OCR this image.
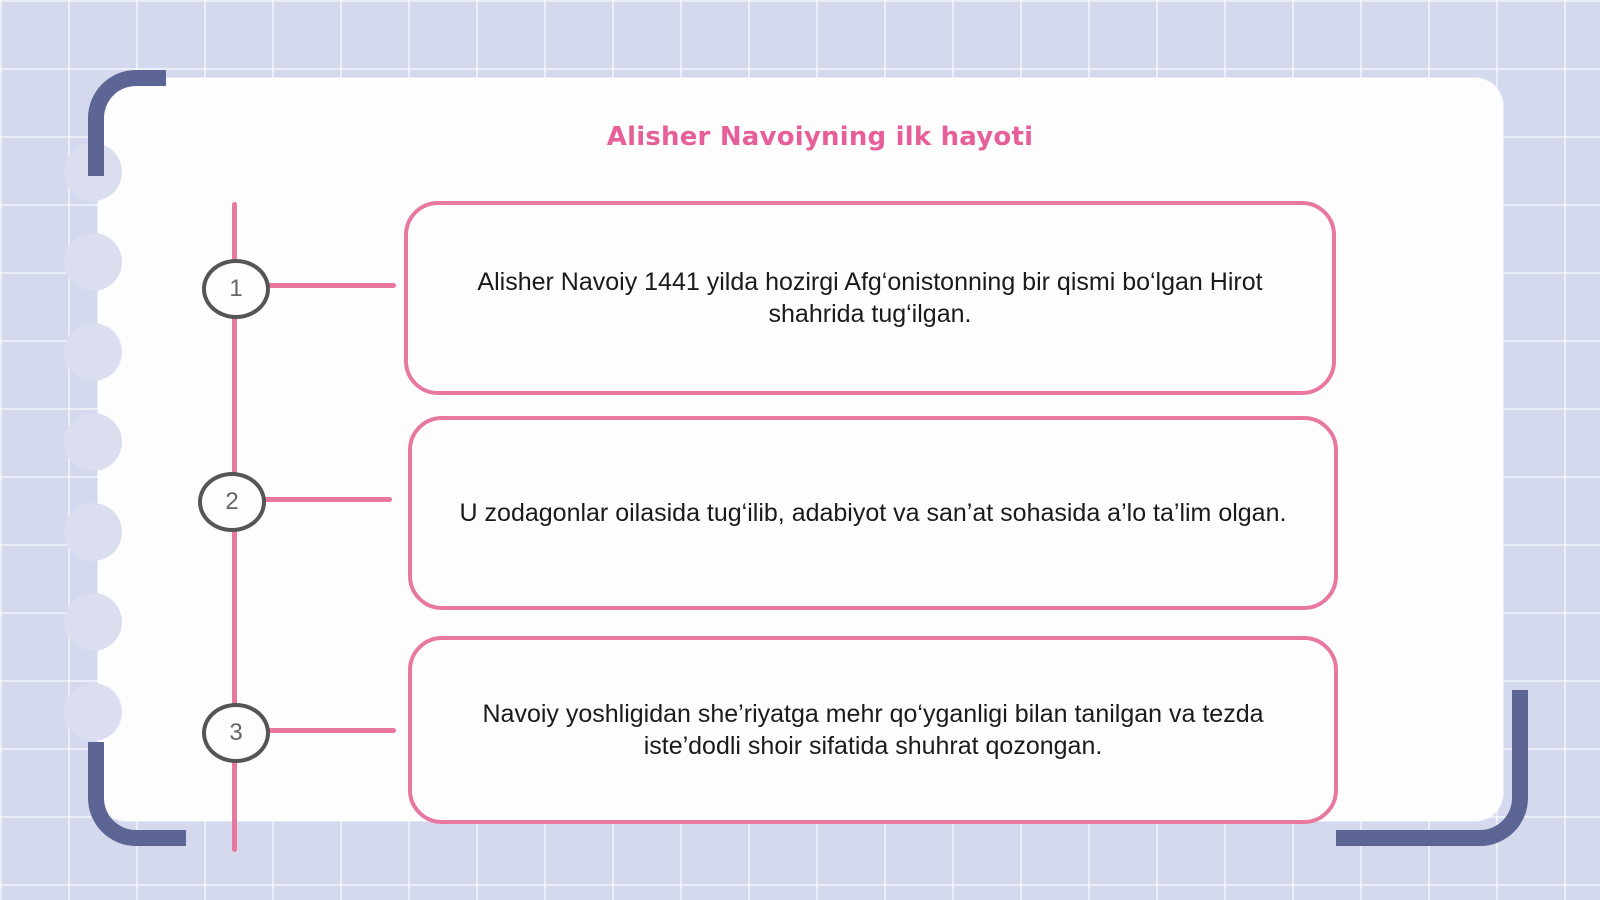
Alisher Navoiyning ilk hayoti
1
2
3
Alisher Navoiy 1441 yilda hozirgi Afg‘onistonning bir qismi bo‘lgan Hirot shahrida tug‘ilgan.
U zodagonlar oilasida tug‘ilib, adabiyot va san’at sohasida a’lo ta’lim olgan.
Navoiy yoshligidan she’riyatga mehr qo‘yganligi bilan tanilgan va tezda iste’dodli shoir sifatida shuhrat qozongan.
